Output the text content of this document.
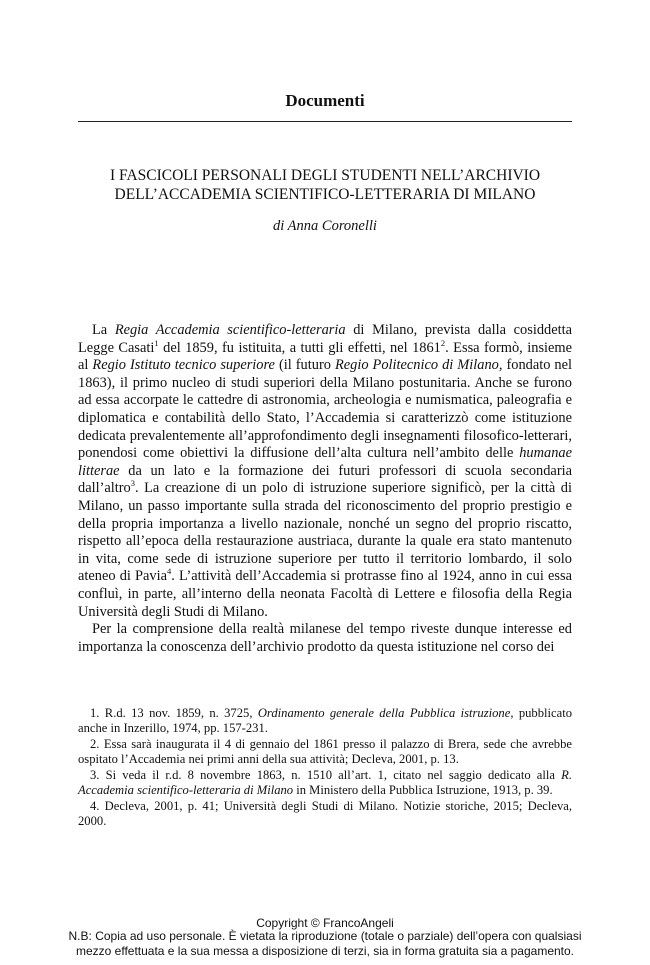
Documenti
I FASCICOLI PERSONALI DEGLI STUDENTI NELL’ARCHIVIO
DELL’ACCADEMIA SCIENTIFICO-LETTERARIA DI MILANO
di Anna Coronelli

La Regia Accademia scientifico-letteraria di Milano, prevista dalla cosiddetta Legge Casati$^1$ del 1859, fu istituita, a tutti gli effetti, nel 1861$^2$. Essa formò, insieme al Regio Istituto tecnico superiore (il futuro Regio Politecnico di Milano, fondato nel 1863), il primo nucleo di studi superiori della Milano postunitaria. Anche se furono ad essa accorpate le cattedre di astronomia, archeologia e numismatica, paleografia e diplomatica e contabilità dello Stato, l’Accademia si caratterizzò come istituzione dedicata prevalentemente all’approfondimento degli insegnamenti filosofico-letterari, ponendosi come obiettivi la diffusione dell’alta cultura nell’ambito delle humanae litterae da un lato e la formazione dei futuri professori di scuola secondaria dall’altro$^3$. La creazione di un polo di istruzione superiore significò, per la città di Milano, un passo importante sulla strada del riconoscimento del proprio prestigio e della propria importanza a livello nazionale, nonché un segno del proprio riscatto, rispetto all’epoca della restaurazione austriaca, durante la quale era stato mantenuto in vita, come sede di istruzione superiore per tutto il territorio lombardo, il solo ateneo di Pavia$^4$. L’attività dell’Accademia si protrasse fino al 1924, anno in cui essa confluì, in parte, all’interno della neonata Facoltà di Lettere e filosofia della Regia Università degli Studi di Milano.

Per la comprensione della realtà milanese del tempo riveste dunque interesse ed importanza la conoscenza dell’archivio prodotto da questa istituzione nel corso dei

1. R.d. 13 nov. 1859, n. 3725, Ordinamento generale della Pubblica istruzione, pubblicato anche in Inzerillo, 1974, pp. 157-231.

2. Essa sarà inaugurata il 4 di gennaio del 1861 presso il palazzo di Brera, sede che avrebbe ospitato l’Accademia nei primi anni della sua attività; Decleva, 2001, p. 13.

3. Si veda il r.d. 8 novembre 1863, n. 1510 all’art. 1, citato nel saggio dedicato alla R. Accademia scientifico-letteraria di Milano in Ministero della Pubblica Istruzione, 1913, p. 39.

4. Decleva, 2001, p. 41; Università degli Studi di Milano. Notizie storiche, 2015; Decleva, 2000.

Copyright © FrancoAngeli
N.B: Copia ad uso personale. È vietata la riproduzione (totale o parziale) dell’opera con qualsiasi
mezzo effettuata e la sua messa a disposizione di terzi, sia in forma gratuita sia a pagamento.
